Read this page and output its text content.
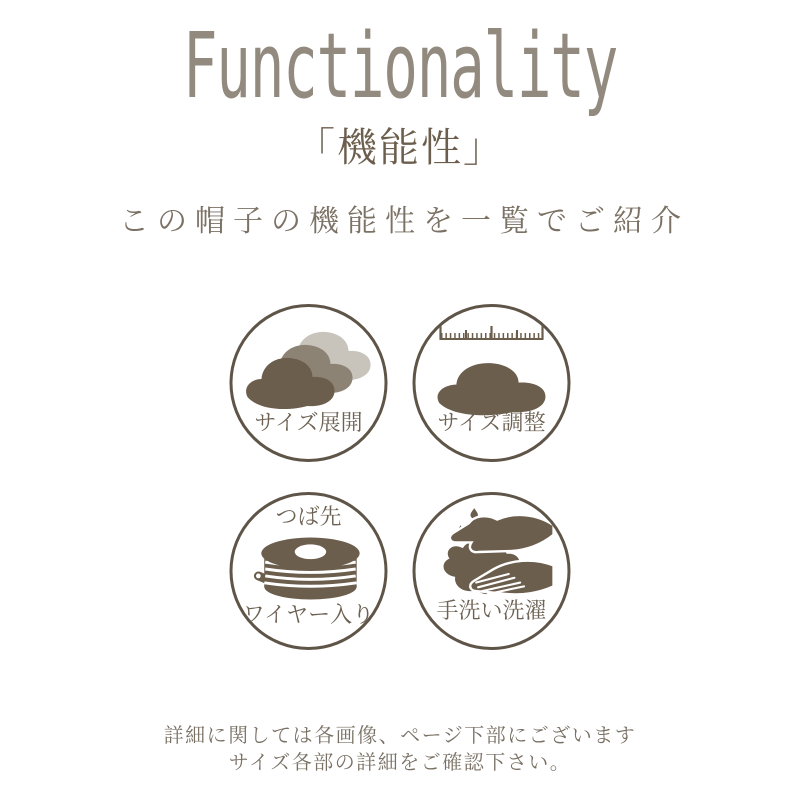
Functionality
「機能性」
この帽子の機能性を一覧でご紹介
サイズ展開	サイズ調整
つば先
ワイヤー入り	手洗い洗濯
詳細に関しては各画像、ページ下部にございます
サイズ各部の詳細をご確認下さい。
